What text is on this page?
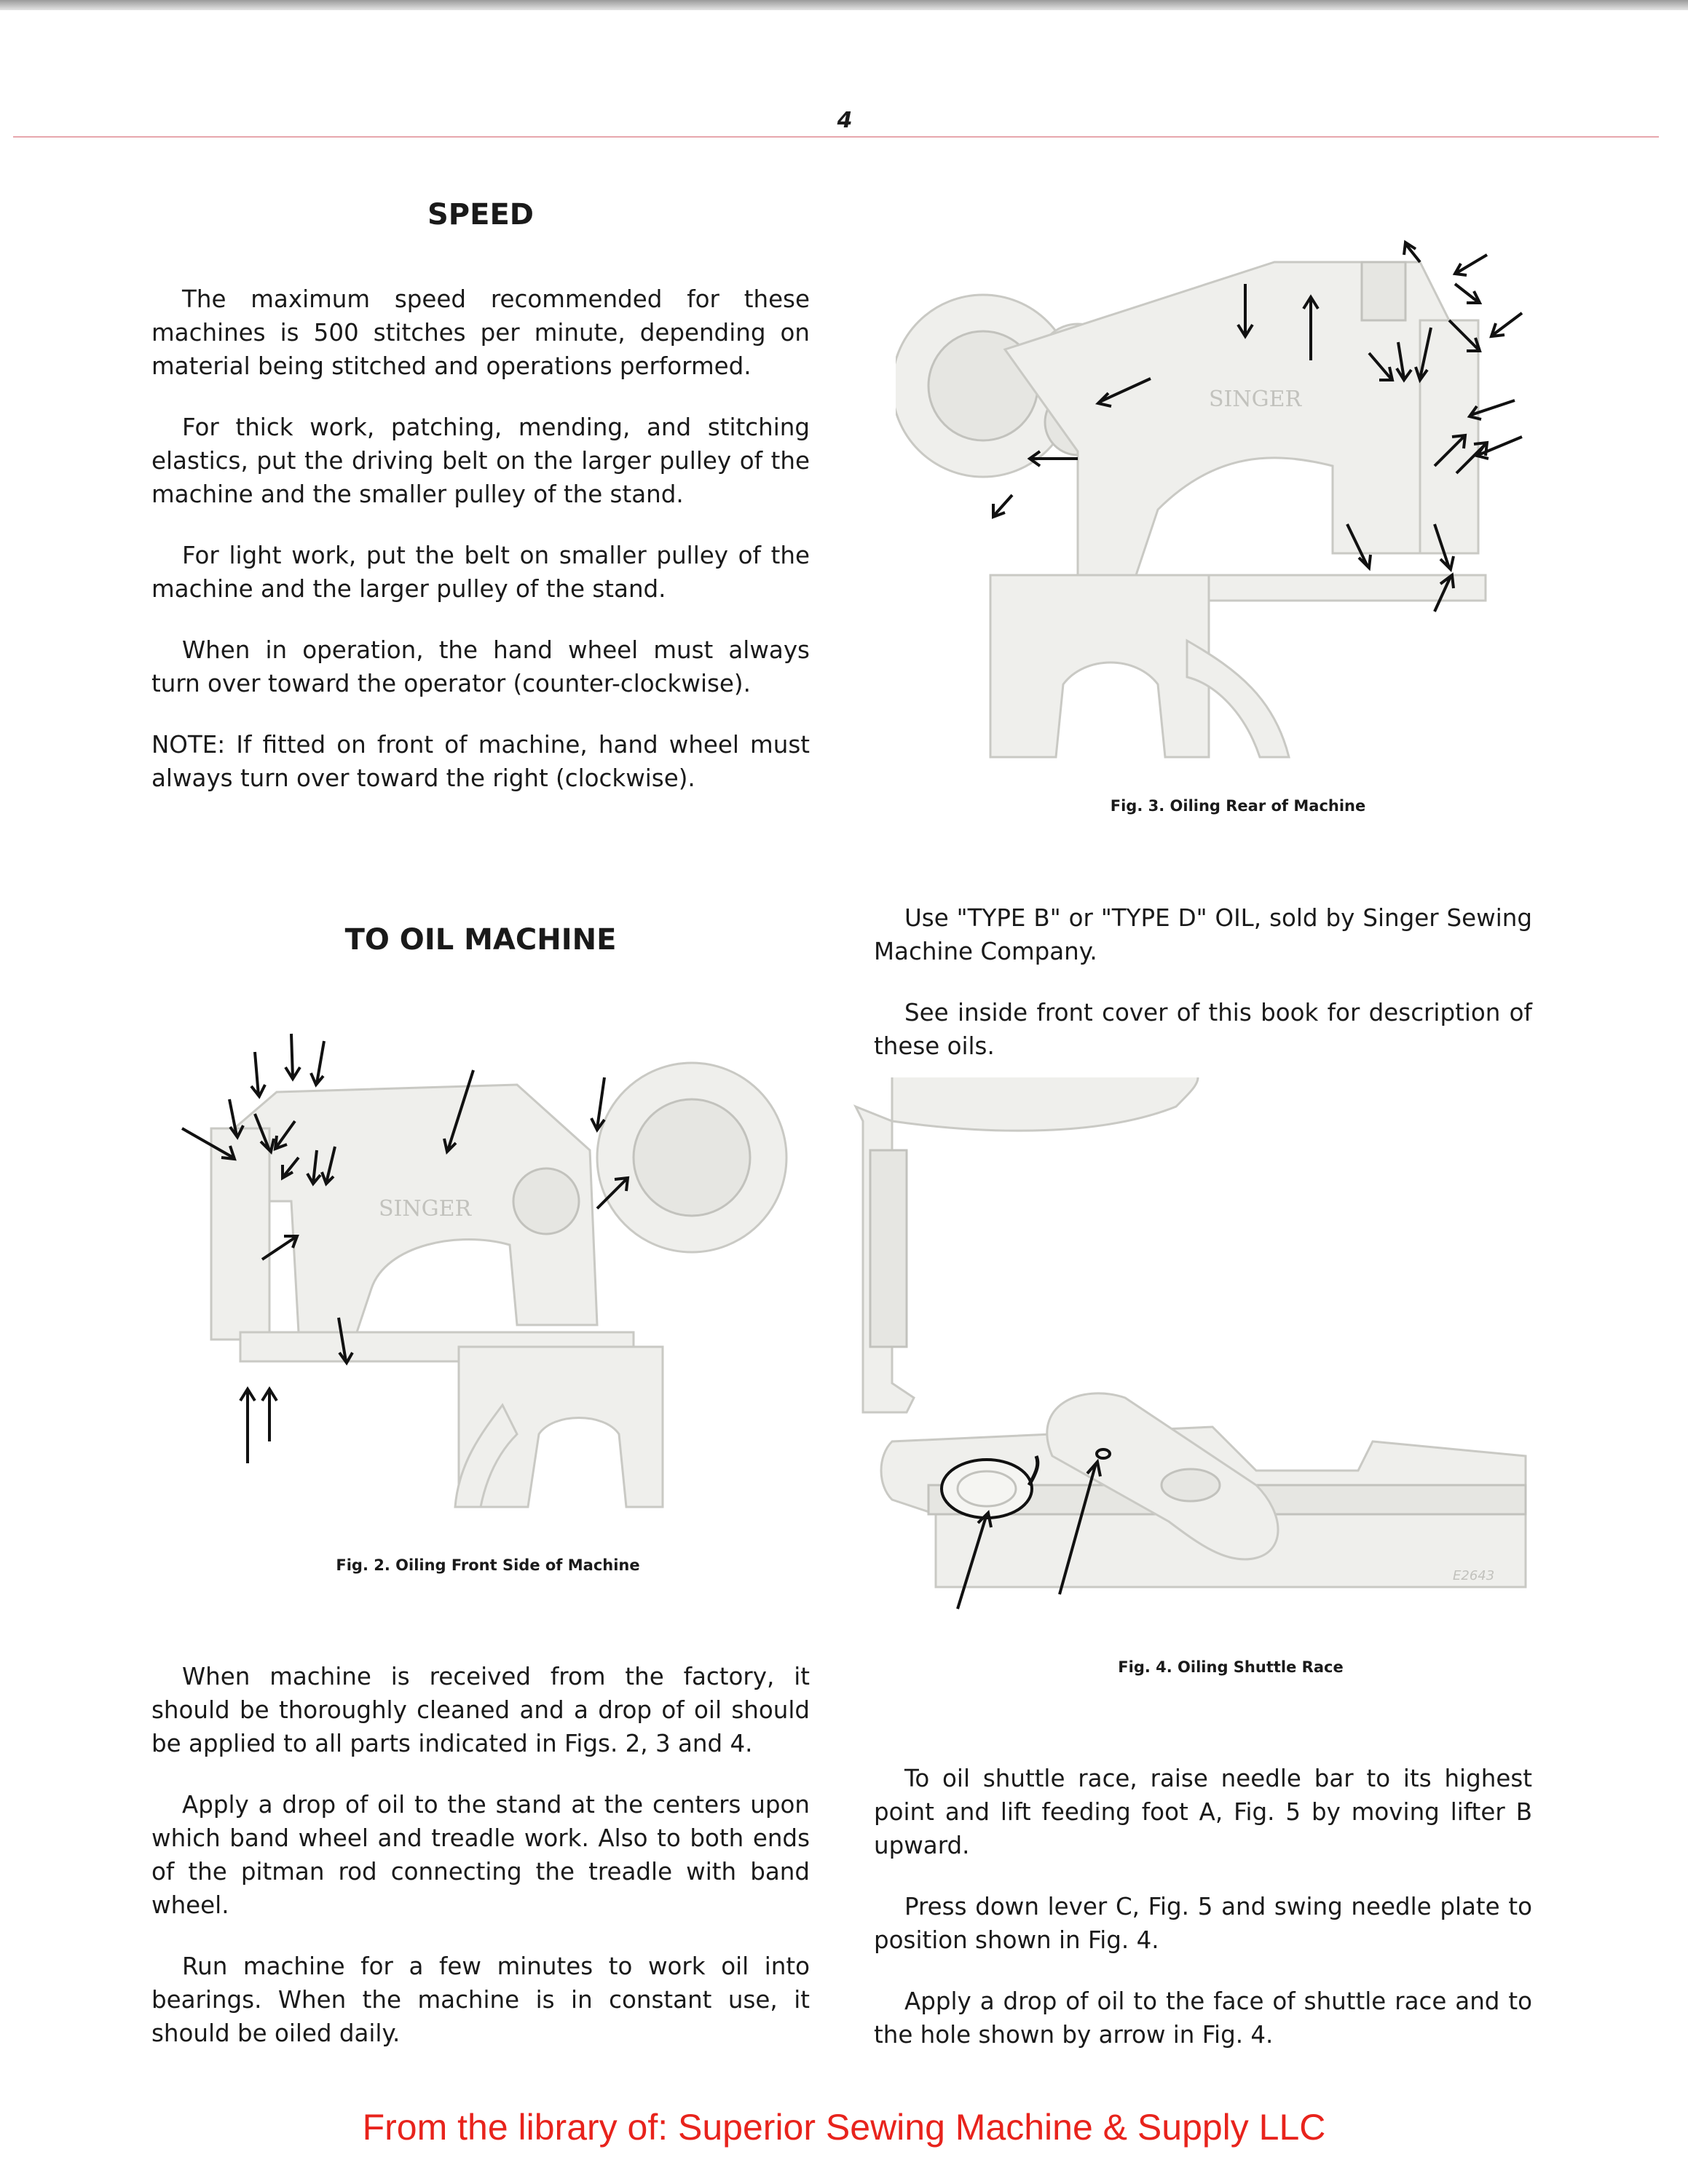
4
SPEED

The maximum speed recommended for these machines is 500 stitches per minute, depending on material being stitched and operations performed.

For thick work, patching, mending, and stitching elastics, put the driving belt on the larger pulley of the machine and the smaller pulley of the stand.

For light work, put the belt on smaller pulley of the machine and the larger pulley of the stand.

When in operation, the hand wheel must always turn over toward the operator (counter-clockwise).

NOTE: If fitted on front of machine, hand wheel must always turn over toward the right (clockwise).

SINGER
Fig. 3. Oiling Rear of Machine
TO OIL MACHINE

Use "TYPE B" or "TYPE D" OIL, sold by Singer Sewing Machine Company.

See inside front cover of this book for description of these oils.

SINGER
Fig. 2. Oiling Front Side of Machine
E2643
Fig. 4. Oiling Shuttle Race

When machine is received from the factory, it should be thoroughly cleaned and a drop of oil should be applied to all parts indicated in Figs. 2, 3 and 4.

Apply a drop of oil to the stand at the centers upon which band wheel and treadle work. Also to both ends of the pitman rod connecting the treadle with band wheel.

Run machine for a few minutes to work oil into bearings. When the machine is in constant use, it should be oiled daily.

To oil shuttle race, raise needle bar to its highest point and lift feeding foot A, Fig. 5 by moving lifter B upward.

Press down lever C, Fig. 5 and swing needle plate to position shown in Fig. 4.

Apply a drop of oil to the face of shuttle race and to the hole shown by arrow in Fig. 4.

From the library of: Superior Sewing Machine & Supply LLC
